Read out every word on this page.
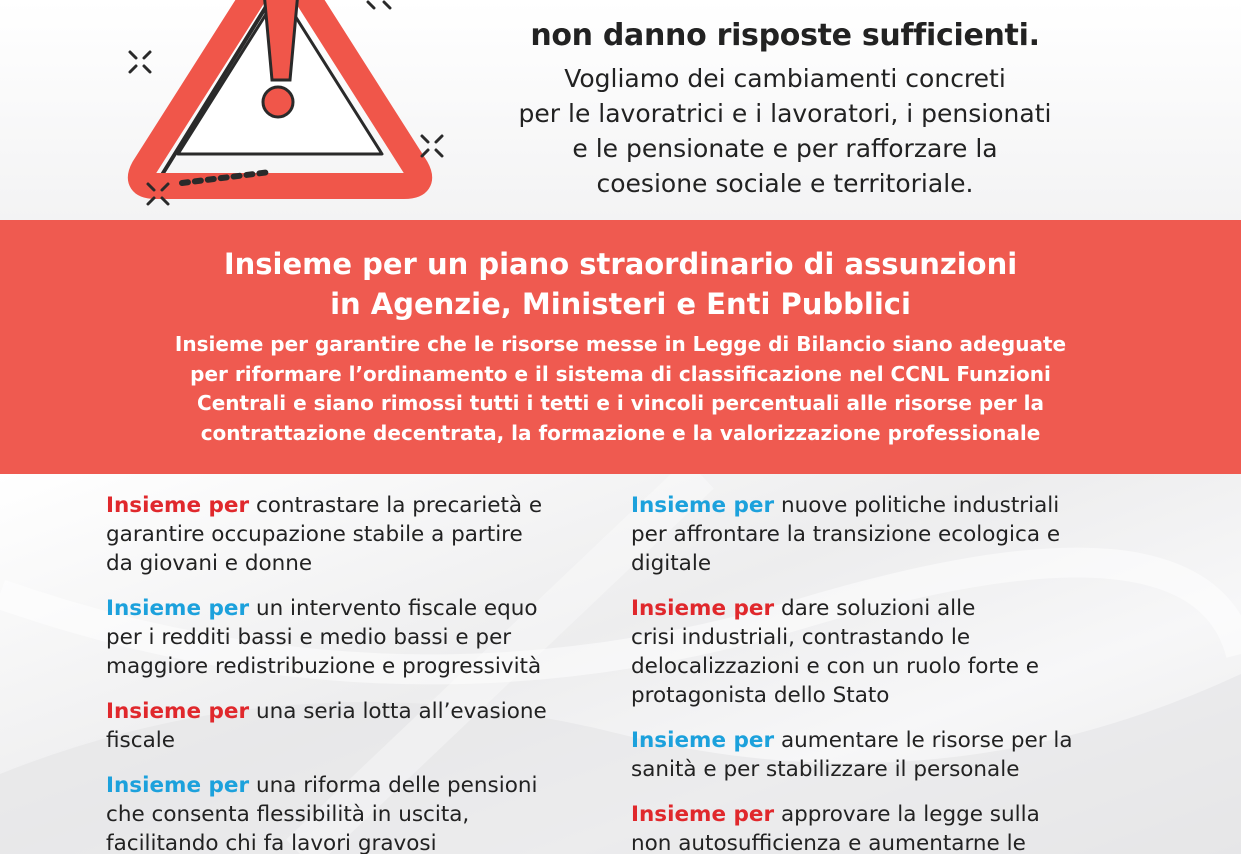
non danno risposte sufficienti.
Vogliamo dei cambiamenti concreti
per le lavoratrici e i lavoratori, i pensionati
e le pensionate e per rafforzare la
coesione sociale e territoriale.
Insieme per un piano straordinario di assunzioni
in Agenzie, Ministeri e Enti Pubblici
Insieme per garantire che le risorse messe in Legge di Bilancio siano adeguate
per riformare l’ordinamento e il sistema di classificazione nel CCNL Funzioni
Centrali e siano rimossi tutti i tetti e i vincoli percentuali alle risorse per la
contrattazione decentrata, la formazione e la valorizzazione professionale
Insieme per contrastare la precarietà e
garantire occupazione stabile a partire
da giovani e donne
Insieme per un intervento fiscale equo
per i redditi bassi e medio bassi e per
maggiore redistribuzione e progressività
Insieme per una seria lotta all’evasione
fiscale
Insieme per una riforma delle pensioni
che consenta flessibilità in uscita,
facilitando chi fa lavori gravosi
Insieme per nuove politiche industriali
per affrontare la transizione ecologica e
digitale
Insieme per dare soluzioni alle
crisi industriali, contrastando le
delocalizzazioni e con un ruolo forte e
protagonista dello Stato
Insieme per aumentare le risorse per la
sanità e per stabilizzare il personale
Insieme per approvare la legge sulla
non autosufficienza e aumentarne le
